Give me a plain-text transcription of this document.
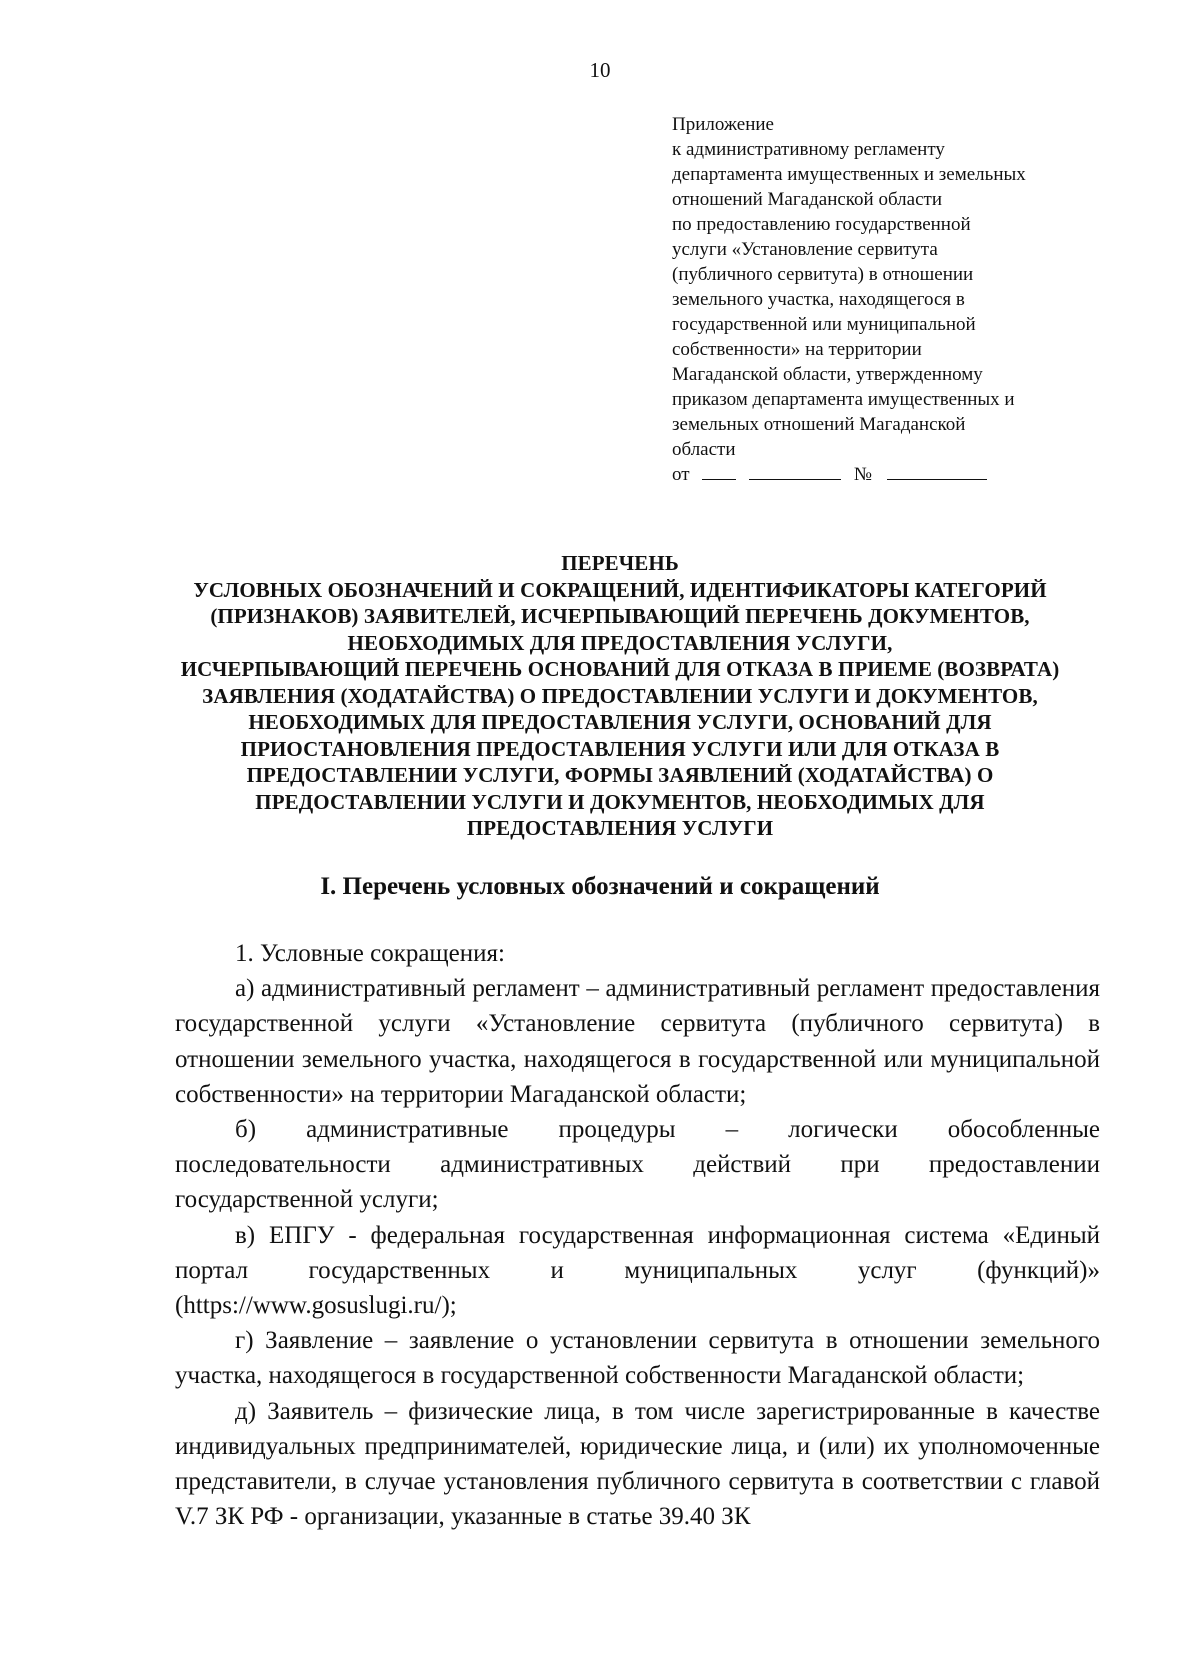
10
Приложение
к административному регламенту
департамента имущественных и земельных
отношений Магаданской области
по предоставлению государственной
услуги «Установление сервитута
(публичного сервитута) в отношении
земельного участка, находящегося в
государственной или муниципальной
собственности» на территории
Магаданской области, утвержденному
приказом департамента имущественных и
земельных отношений Магаданской
области
от	№
ПЕРЕЧЕНЬ
УСЛОВНЫХ ОБОЗНАЧЕНИЙ И СОКРАЩЕНИЙ, ИДЕНТИФИКАТОРЫ КАТЕГОРИЙ
(ПРИЗНАКОВ) ЗАЯВИТЕЛЕЙ, ИСЧЕРПЫВАЮЩИЙ ПЕРЕЧЕНЬ ДОКУМЕНТОВ,
НЕОБХОДИМЫХ ДЛЯ ПРЕДОСТАВЛЕНИЯ УСЛУГИ,
ИСЧЕРПЫВАЮЩИЙ ПЕРЕЧЕНЬ ОСНОВАНИЙ ДЛЯ ОТКАЗА В ПРИЕМЕ (ВОЗВРАТА)
ЗАЯВЛЕНИЯ (ХОДАТАЙСТВА) О ПРЕДОСТАВЛЕНИИ УСЛУГИ И ДОКУМЕНТОВ,
НЕОБХОДИМЫХ ДЛЯ ПРЕДОСТАВЛЕНИЯ УСЛУГИ, ОСНОВАНИЙ ДЛЯ
ПРИОСТАНОВЛЕНИЯ ПРЕДОСТАВЛЕНИЯ УСЛУГИ ИЛИ ДЛЯ ОТКАЗА В
ПРЕДОСТАВЛЕНИИ УСЛУГИ, ФОРМЫ ЗАЯВЛЕНИЙ (ХОДАТАЙСТВА) О
ПРЕДОСТАВЛЕНИИ УСЛУГИ И ДОКУМЕНТОВ, НЕОБХОДИМЫХ ДЛЯ
ПРЕДОСТАВЛЕНИЯ УСЛУГИ
I. Перечень условных обозначений и сокращений

1. Условные сокращения:

а) административный регламент – административный регламент предоставления государственной услуги «Установление сервитута (публичного сервитута) в отношении земельного участка, находящегося в государственной или муниципальной собственности» на территории Магаданской области;

б) административные процедуры – логически обособленные последовательности административных действий при предоставлении государственной услуги;

в) ЕПГУ - федеральная государственная информационная система «Единый портал государственных и муниципальных услуг (функций)» (https://www.gosuslugi.ru/);

г) Заявление – заявление о установлении сервитута в отношении земельного участка, находящегося в государственной собственности Магаданской области;

д) Заявитель – физические лица, в том числе зарегистрированные в качестве индивидуальных предпринимателей, юридические лица, и (или) их уполномоченные представители, в случае установления публичного сервитута в соответствии с главой V.7 ЗК РФ - организации, указанные в статье 39.40 ЗК
